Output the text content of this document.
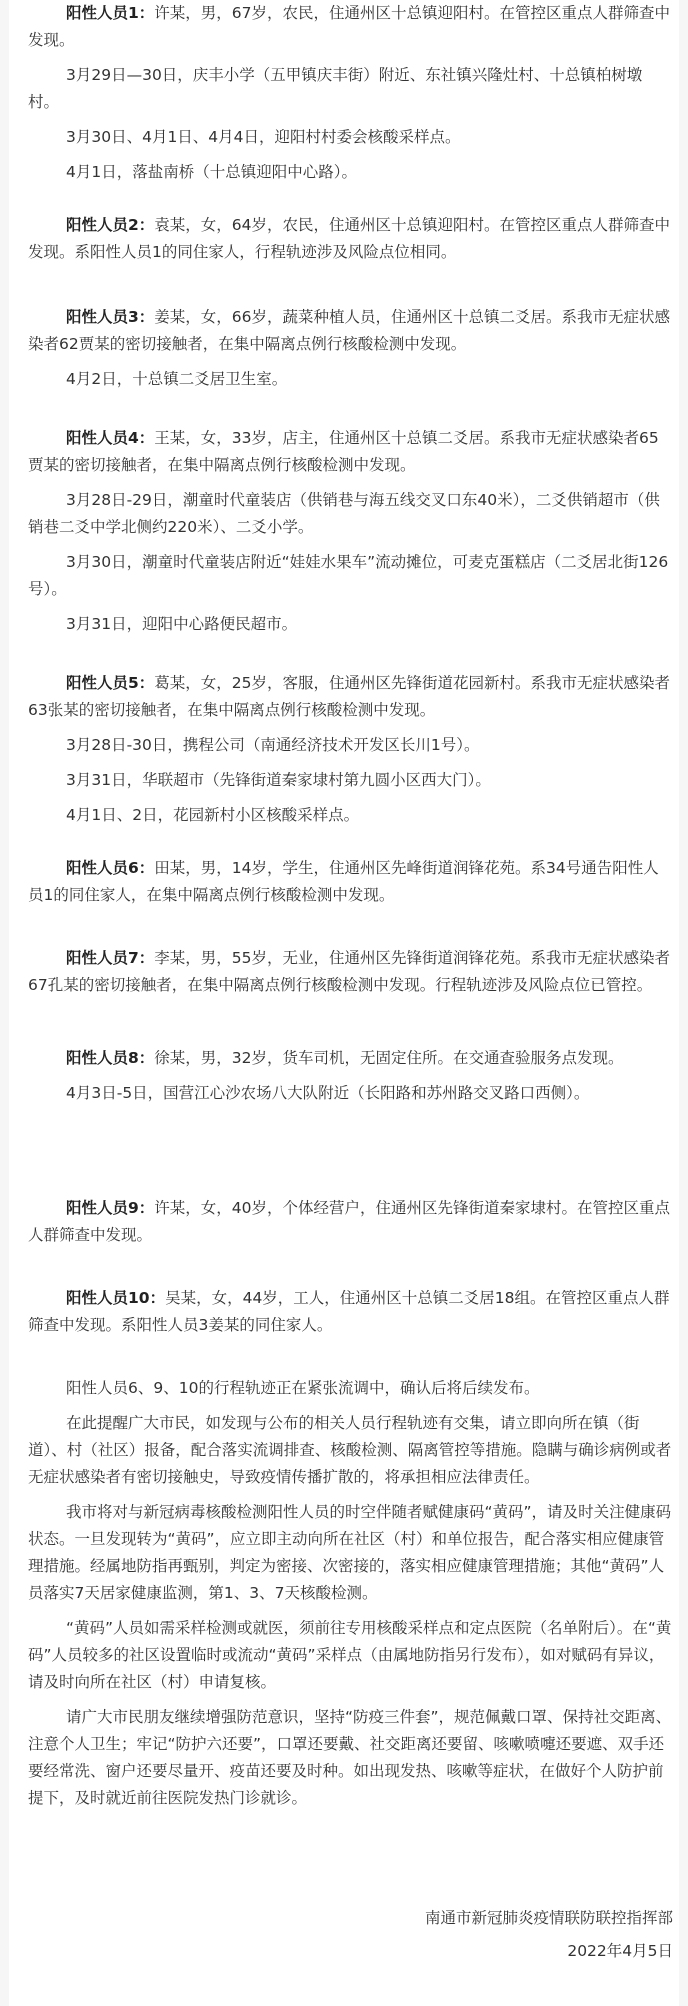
阳性人员1：许某，男，67岁，农民，住通州区十总镇迎阳村。在管控区重点人群筛查中发现。

3月29日—30日，庆丰小学（五甲镇庆丰街）附近、东社镇兴隆灶村、十总镇柏树墩村。

3月30日、4月1日、4月4日，迎阳村村委会核酸采样点。

4月1日，落盐南桥（十总镇迎阳中心路）。

阳性人员2：袁某，女，64岁，农民，住通州区十总镇迎阳村。在管控区重点人群筛查中发现。系阳性人员1的同住家人，行程轨迹涉及风险点位相同。

阳性人员3：姜某，女，66岁，蔬菜种植人员，住通州区十总镇二爻居。系我市无症状感染者62贾某的密切接触者，在集中隔离点例行核酸检测中发现。

4月2日，十总镇二爻居卫生室。

阳性人员4：王某，女，33岁，店主，住通州区十总镇二爻居。系我市无症状感染者65贾某的密切接触者，在集中隔离点例行核酸检测中发现。

3月28日-29日，潮童时代童装店（供销巷与海五线交叉口东40米），二爻供销超市（供销巷二爻中学北侧约220米）、二爻小学。

3月30日，潮童时代童装店附近“娃娃水果车”流动摊位，可麦克蛋糕店（二爻居北街126号）。

3月31日，迎阳中心路便民超市。

阳性人员5：葛某，女，25岁，客服，住通州区先锋街道花园新村。系我市无症状感染者63张某的密切接触者，在集中隔离点例行核酸检测中发现。

3月28日-30日，携程公司（南通经济技术开发区长川1号）。

3月31日，华联超市（先锋街道秦家埭村第九圆小区西大门）。

4月1日、2日，花园新村小区核酸采样点。

阳性人员6：田某，男，14岁，学生，住通州区先峰街道润锋花苑。系34号通告阳性人员1的同住家人，在集中隔离点例行核酸检测中发现。

阳性人员7：李某，男，55岁，无业，住通州区先锋街道润锋花苑。系我市无症状感染者67孔某的密切接触者，在集中隔离点例行核酸检测中发现。行程轨迹涉及风险点位已管控。

阳性人员8：徐某，男，32岁，货车司机，无固定住所。在交通查验服务点发现。

4月3日-5日，国营江心沙农场八大队附近（长阳路和苏州路交叉路口西侧）。

阳性人员9：许某，女，40岁，个体经营户，住通州区先锋街道秦家埭村。在管控区重点人群筛查中发现。

阳性人员10：吴某，女，44岁，工人，住通州区十总镇二爻居18组。在管控区重点人群筛查中发现。系阳性人员3姜某的同住家人。

阳性人员6、9、10的行程轨迹正在紧张流调中，确认后将后续发布。

在此提醒广大市民，如发现与公布的相关人员行程轨迹有交集，请立即向所在镇（街道）、村（社区）报备，配合落实流调排查、核酸检测、隔离管控等措施。隐瞒与确诊病例或者无症状感染者有密切接触史，导致疫情传播扩散的，将承担相应法律责任。

我市将对与新冠病毒核酸检测阳性人员的时空伴随者赋健康码“黄码”，请及时关注健康码状态。一旦发现转为“黄码”，应立即主动向所在社区（村）和单位报告，配合落实相应健康管理措施。经属地防指再甄别，判定为密接、次密接的，落实相应健康管理措施；其他“黄码”人员落实7天居家健康监测，第1、3、7天核酸检测。

“黄码”人员如需采样检测或就医，须前往专用核酸采样点和定点医院（名单附后）。在“黄码”人员较多的社区设置临时或流动“黄码”采样点（由属地防指另行发布），如对赋码有异议，请及时向所在社区（村）申请复核。

请广大市民朋友继续增强防范意识，坚持“防疫三件套”，规范佩戴口罩、保持社交距离、注意个人卫生；牢记“防护六还要”，口罩还要戴、社交距离还要留、咳嗽喷嚏还要遮、双手还要经常洗、窗户还要尽量开、疫苗还要及时种。如出现发热、咳嗽等症状，在做好个人防护前提下，及时就近前往医院发热门诊就诊。

南通市新冠肺炎疫情联防联控指挥部

2022年4月5日
